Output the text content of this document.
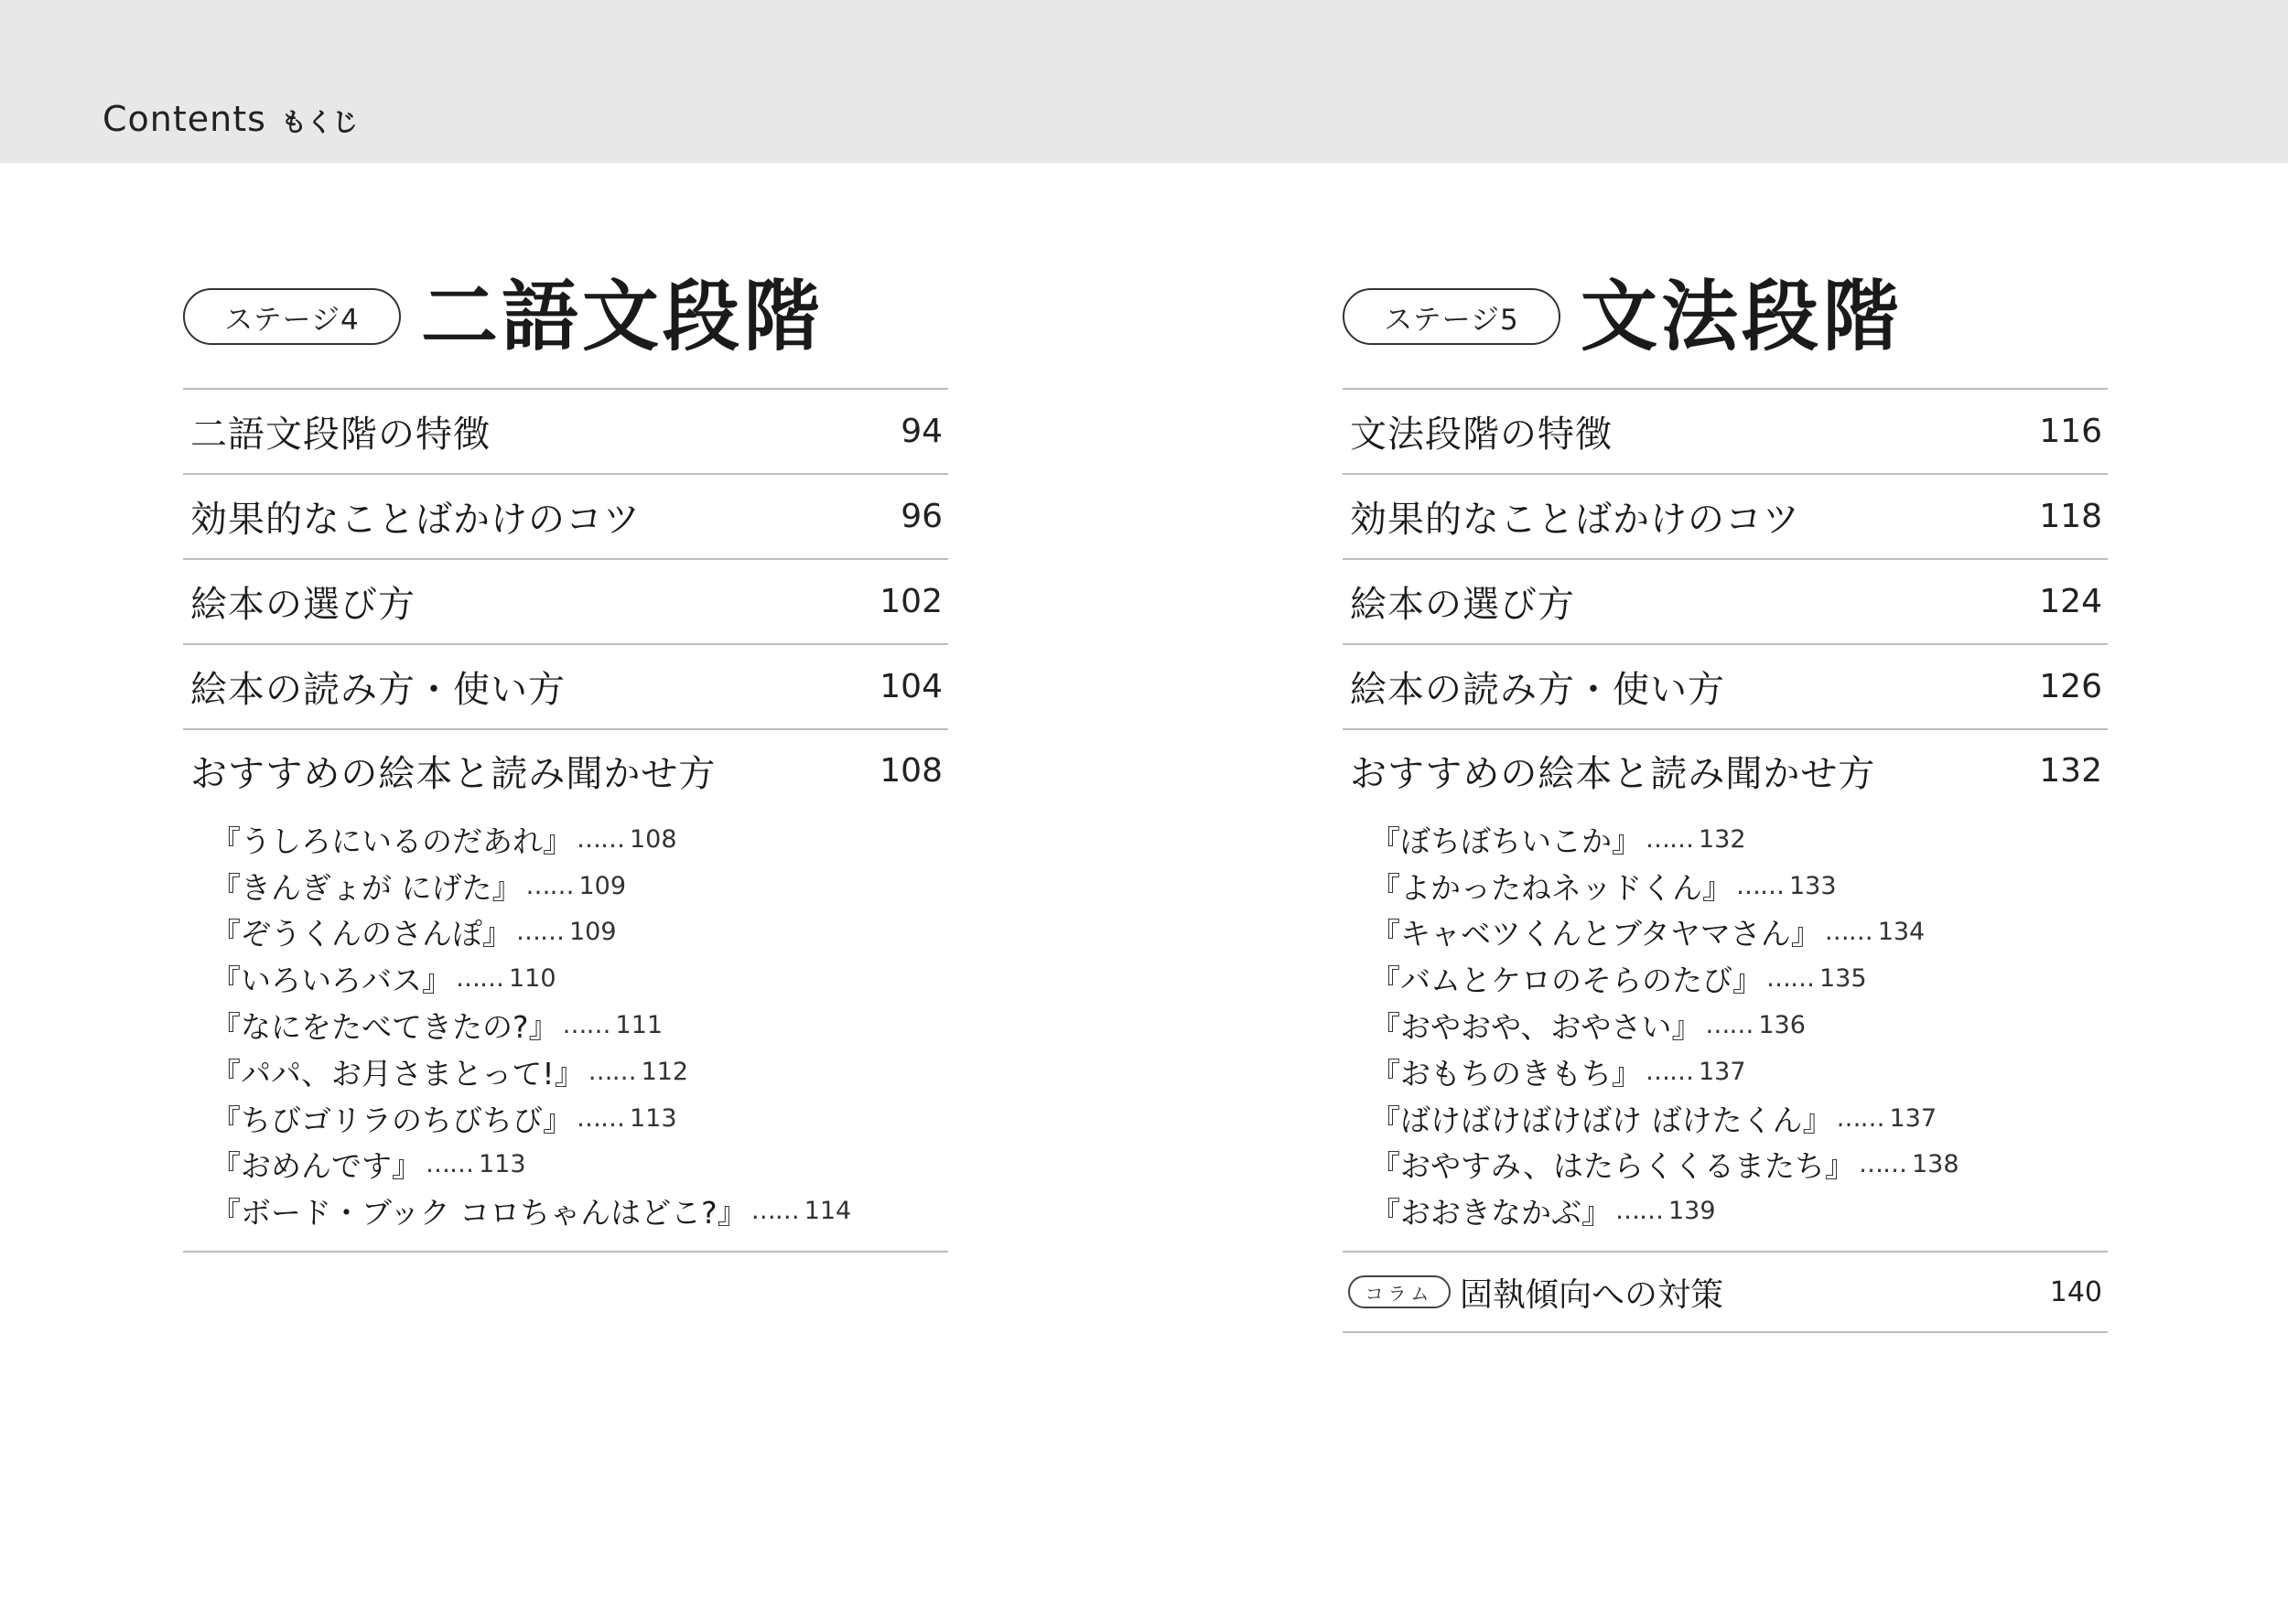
Contents もくじ
ステージ4 二語文段階
二語文段階の特徴	94
効果的なことばかけのコツ	96
絵本の選び方	102
絵本の読み方・使い方	104
おすすめの絵本と読み聞かせ方	108
『うしろにいるのだあれ』 …… 108
『きんぎょが にげた』 …… 109
『ぞうくんのさんぽ』 …… 109
『いろいろバス』 …… 110
『なにをたべてきたの?』 …… 111
『パパ、お月さまとって!』 …… 112
『ちびゴリラのちびちび』 …… 113
『おめんです』 …… 113
『ボード・ブック コロちゃんはどこ?』 …… 114
ステージ5 文法段階
文法段階の特徴	116
効果的なことばかけのコツ	118
絵本の選び方	124
絵本の読み方・使い方	126
おすすめの絵本と読み聞かせ方	132
『ぼちぼちいこか』 …… 132
『よかったねネッドくん』 …… 133
『キャベツくんとブタヤマさん』 …… 134
『バムとケロのそらのたび』 …… 135
『おやおや、おやさい』 …… 136
『おもちのきもち』 …… 137
『ばけばけばけばけ ばけたくん』 …… 137
『おやすみ、はたらくくるまたち』 …… 138
『おおきなかぶ』 …… 139
コラム 固執傾向への対策	140
